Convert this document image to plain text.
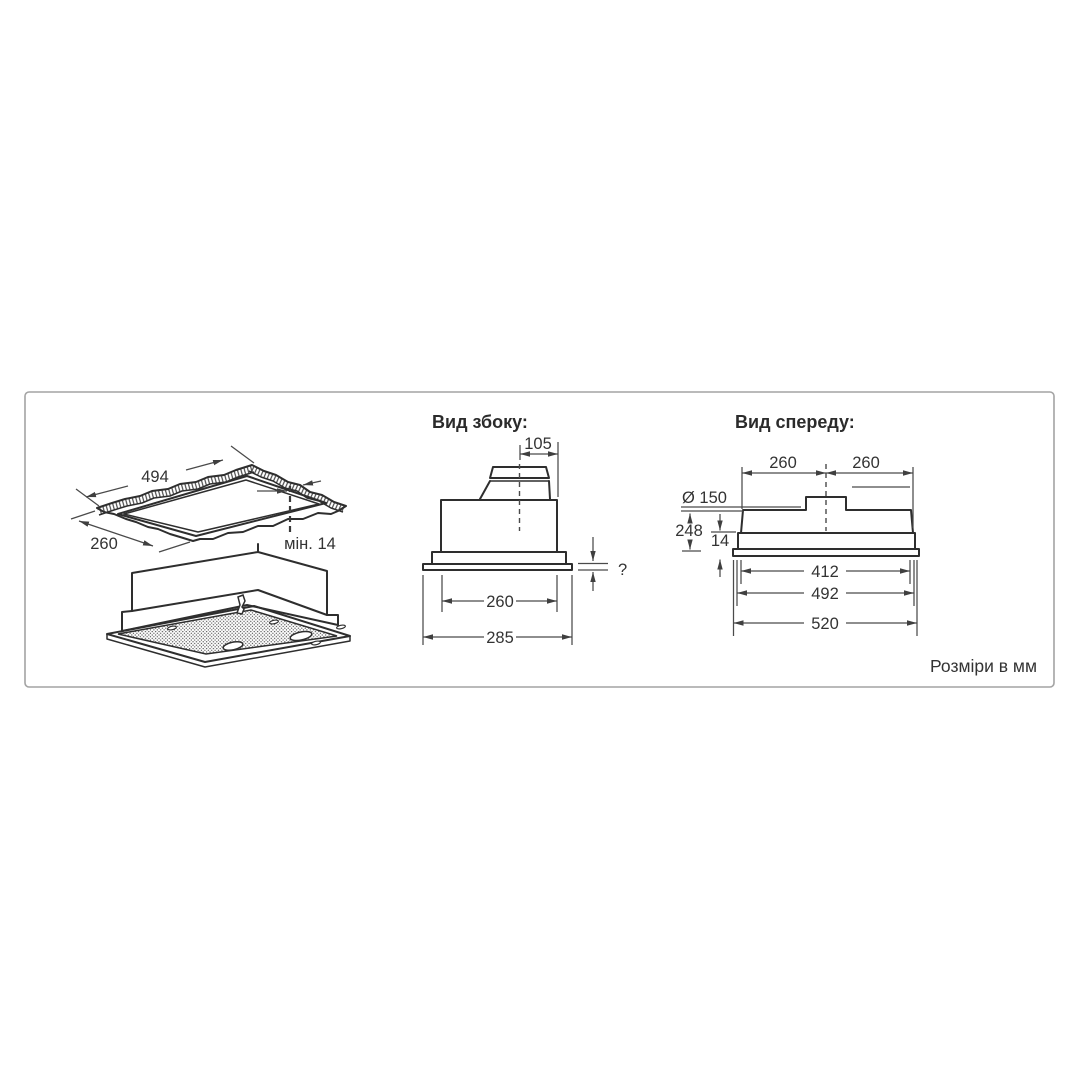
494
260	мін. 14
Вид збоку:
105
?
260
285
Вид спереду:
260	260
Ø 150
248
14
412
492
520
Розміри в мм
